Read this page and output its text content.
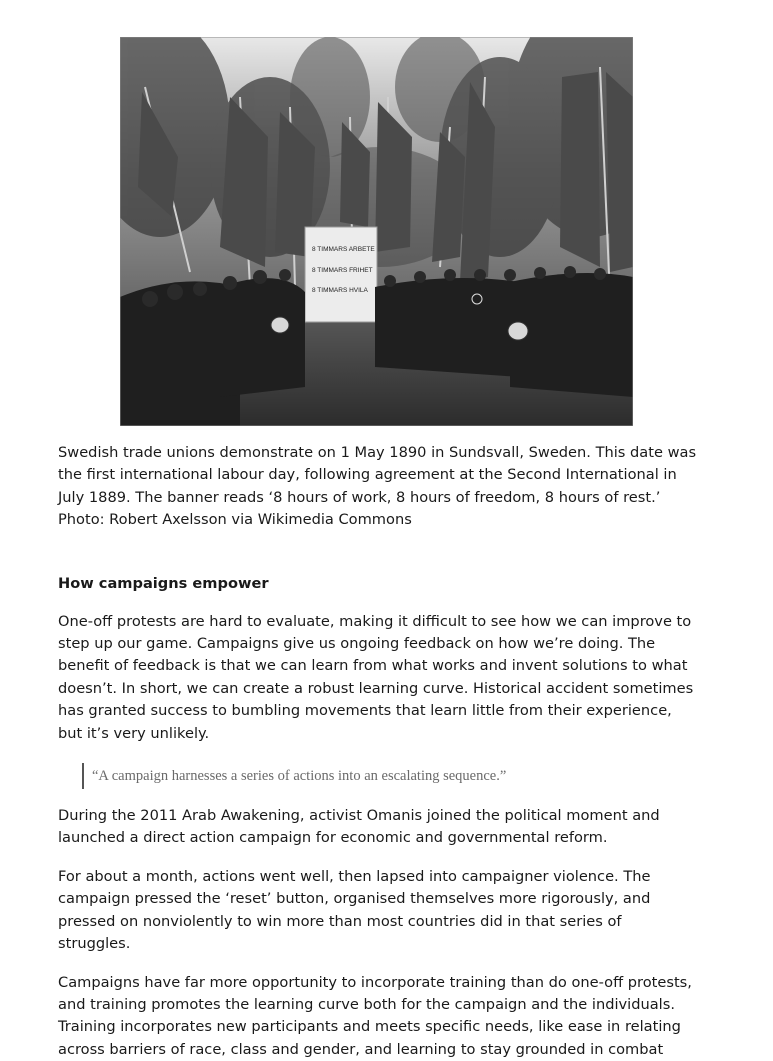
8 TIMMARS ARBETE
8 TIMMARS FRIHET
8 TIMMARS HVILA
Swedish trade unions demonstrate on 1 May 1890 in Sundsvall, Sweden. This date was the first international labour day, following agreement at the Second International in July 1889. The banner reads ‘8 hours of work, 8 hours of freedom, 8 hours of rest.’ Photo: Robert Axelsson via Wikimedia Commons
How campaigns empower

One-off protests are hard to evaluate, making it difficult to see how we can improve to step up our game. Campaigns give us ongoing feedback on how we’re doing. The benefit of feedback is that we can learn from what works and invent solutions to what doesn’t. In short, we can create a robust learning curve. Historical accident sometimes has granted success to bumbling movements that learn little from their experience, but it’s very unlikely.

“A campaign harnesses a series of actions into an escalating sequence.”

During the 2011 Arab Awakening, activist Omanis joined the political moment and launched a direct action campaign for economic and governmental reform.

For about a month, actions went well, then lapsed into campaigner violence. The campaign pressed the ‘reset’ button, organised themselves more rigorously, and pressed on nonviolently to win more than most countries did in that series of struggles.

Campaigns have far more opportunity to incorporate training than do one-off protests, and training promotes the learning curve both for the campaign and the individuals. Training incorporates new participants and meets specific needs, like ease in relating across barriers of race, class and gender, and learning to stay grounded in combat
